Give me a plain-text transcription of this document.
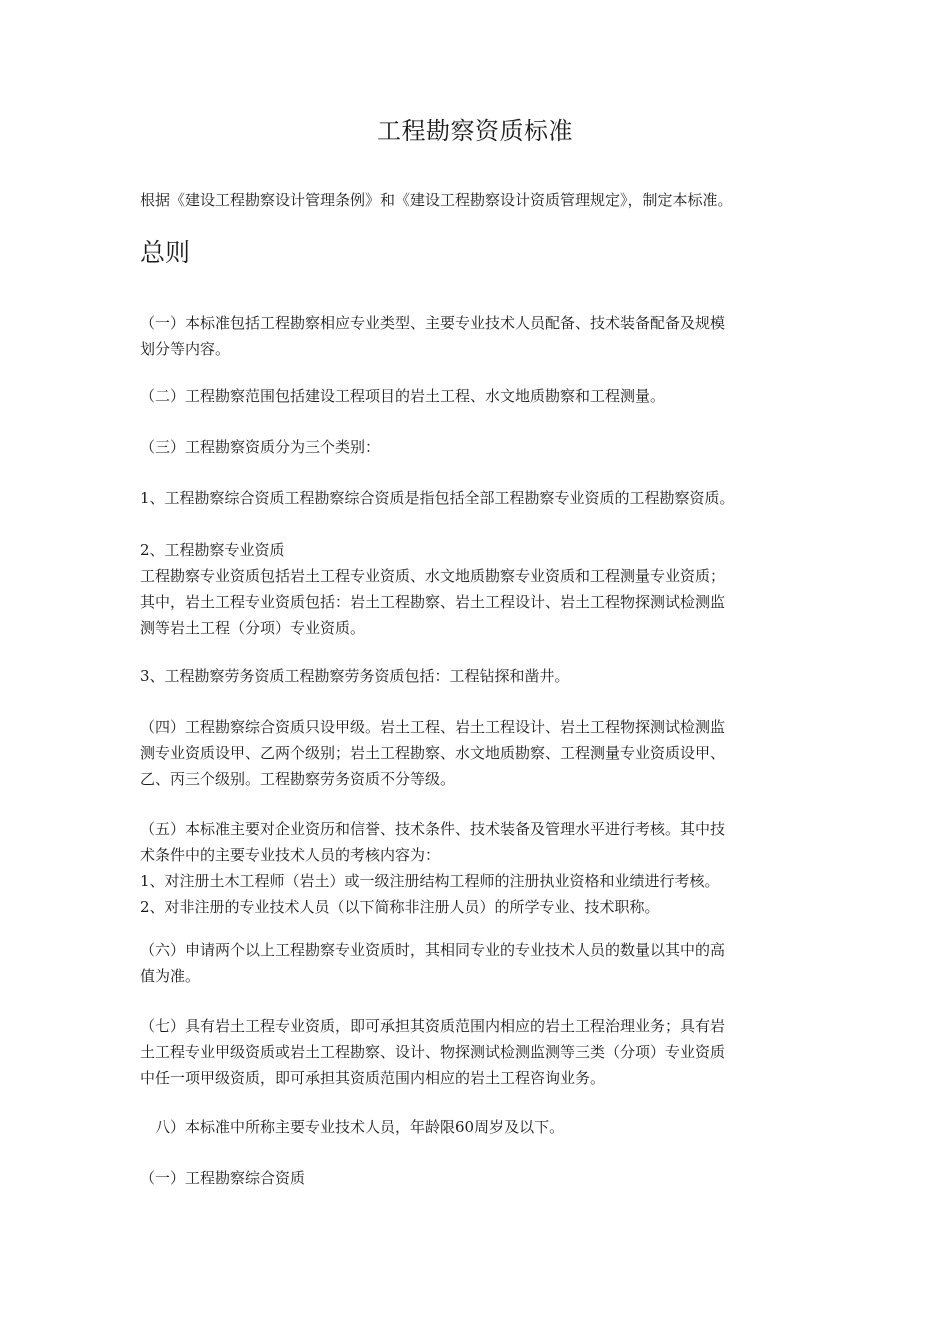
工程勘察资质标准

根据《建设工程勘察设计管理条例》和《建设工程勘察设计资质管理规定》，制定本标准。

总则

（一）本标准包括工程勘察相应专业类型、主要专业技术人员配备、技术装备配备及规模
划分等内容。

（二）工程勘察范围包括建设工程项目的岩土工程、水文地质勘察和工程测量。

（三）工程勘察资质分为三个类别：

1、工程勘察综合资质工程勘察综合资质是指包括全部工程勘察专业资质的工程勘察资质。

2、工程勘察专业资质
工程勘察专业资质包括岩土工程专业资质、水文地质勘察专业资质和工程测量专业资质；
其中，岩土工程专业资质包括：岩土工程勘察、岩土工程设计、岩土工程物探测试检测监
测等岩土工程（分项）专业资质。

3、工程勘察劳务资质工程勘察劳务资质包括：工程钻探和凿井。

（四）工程勘察综合资质只设甲级。岩土工程、岩土工程设计、岩土工程物探测试检测监
测专业资质设甲、乙两个级别；岩土工程勘察、水文地质勘察、工程测量专业资质设甲、
乙、丙三个级别。工程勘察劳务资质不分等级。

（五）本标准主要对企业资历和信誉、技术条件、技术装备及管理水平进行考核。其中技
术条件中的主要专业技术人员的考核内容为：
1、对注册土木工程师（岩土）或一级注册结构工程师的注册执业资格和业绩进行考核。
2、对非注册的专业技术人员（以下简称非注册人员）的所学专业、技术职称。

（六）申请两个以上工程勘察专业资质时，其相同专业的专业技术人员的数量以其中的高
值为准。

（七）具有岩土工程专业资质，即可承担其资质范围内相应的岩土工程治理业务；具有岩
土工程专业甲级资质或岩土工程勘察、设计、物探测试检测监测等三类（分项）专业资质
中任一项甲级资质，即可承担其资质范围内相应的岩土工程咨询业务。

　八）本标准中所称主要专业技术人员，年龄限60周岁及以下。

（一）工程勘察综合资质
